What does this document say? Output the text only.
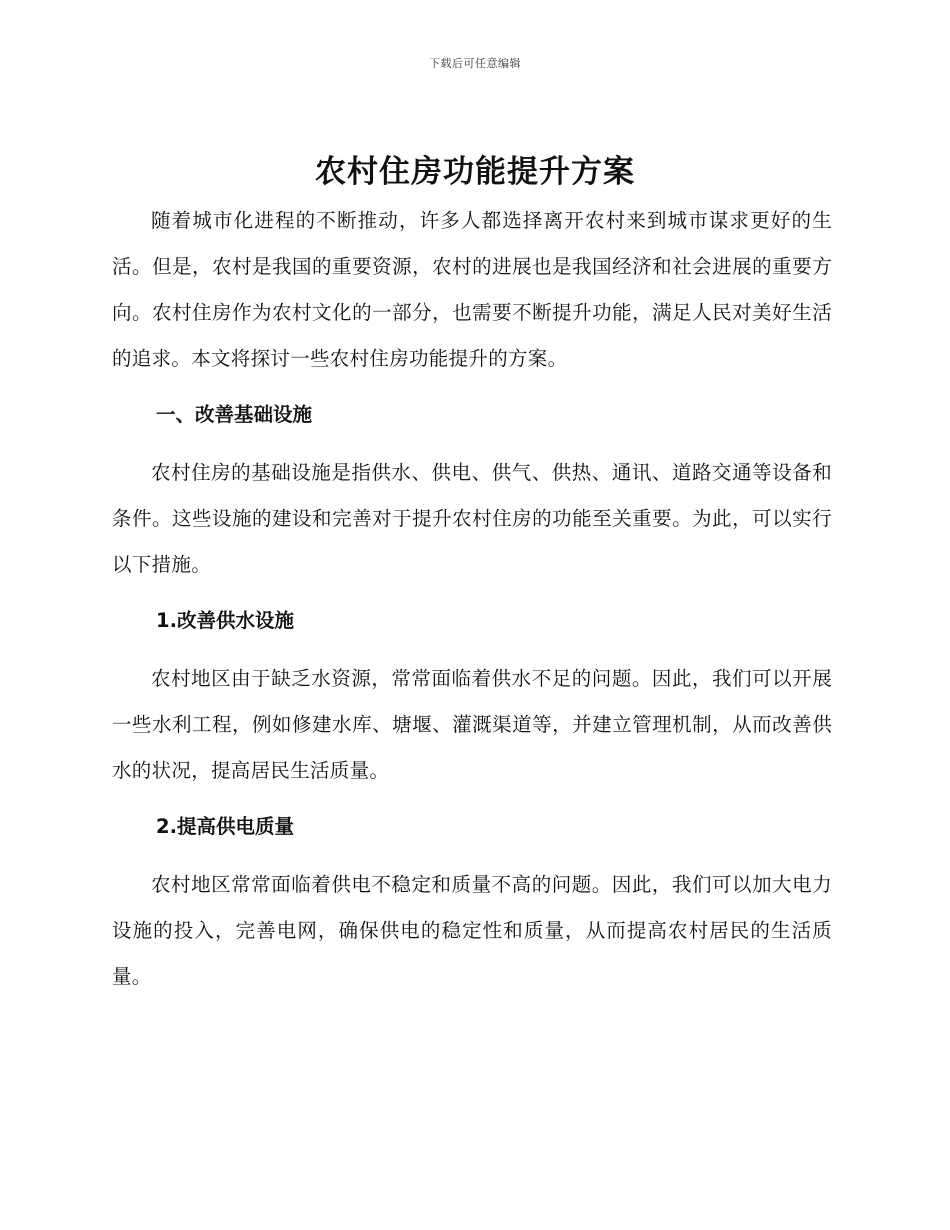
下载后可任意编辑
农村住房功能提升方案

随着城市化进程的不断推动，许多人都选择离开农村来到城市谋求更好的生活。但是，农村是我国的重要资源，农村的进展也是我国经济和社会进展的重要方向。农村住房作为农村文化的一部分，也需要不断提升功能，满足人民对美好生活的追求。本文将探讨一些农村住房功能提升的方案。

一、改善基础设施

农村住房的基础设施是指供水、供电、供气、供热、通讯、道路交通等设备和条件。这些设施的建设和完善对于提升农村住房的功能至关重要。为此，可以实行以下措施。

1.改善供水设施

农村地区由于缺乏水资源，常常面临着供水不足的问题。因此，我们可以开展一些水利工程，例如修建水库、塘堰、灌溉渠道等，并建立管理机制，从而改善供水的状况，提高居民生活质量。

2.提高供电质量

农村地区常常面临着供电不稳定和质量不高的问题。因此，我们可以加大电力设施的投入，完善电网，确保供电的稳定性和质量，从而提高农村居民的生活质量。
